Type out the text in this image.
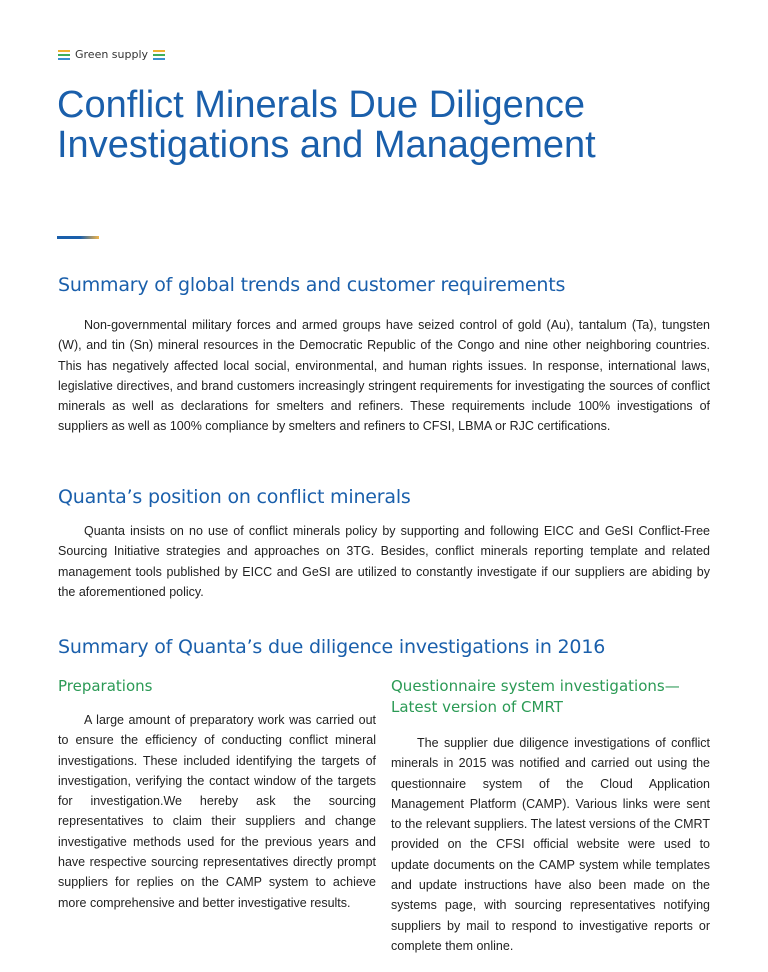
Green supply
Conflict Minerals Due Diligence Investigations and Management
Summary of global trends and customer requirements

Non-governmental military forces and armed groups have seized control of gold (Au), tantalum (Ta), tungsten (W), and tin (Sn) mineral resources in the Democratic Republic of the Congo and nine other neighboring countries. This has negatively affected local social, environmental, and human rights issues. In response, international laws, legislative directives, and brand customers increasingly stringent requirements for investigating the sources of conflict minerals as well as declarations for smelters and refiners. These requirements include 100% investigations of suppliers as well as 100% compliance by smelters and refiners to CFSI, LBMA or RJC certifications.

Quanta’s position on conflict minerals

Quanta insists on no use of conflict minerals policy by supporting and following EICC and GeSI Conflict-Free Sourcing Initiative strategies and approaches on 3TG. Besides, conflict minerals reporting template and related management tools published by EICC and GeSI are utilized to constantly investigate if our suppliers are abiding by the aforementioned policy.

Summary of Quanta’s due diligence investigations in 2016
Preparations

A large amount of preparatory work was carried out to ensure the efficiency of conducting conflict mineral investigations. These included identifying the targets of investigation, verifying the contact window of the targets for investigation.We hereby ask the sourcing representatives to claim their suppliers and change investigative methods used for the previous years and have respective sourcing representatives directly prompt suppliers for replies on the CAMP system to achieve more comprehensive and better investigative results.

Questionnaire system investigations— Latest version of CMRT

The supplier due diligence investigations of conflict minerals in 2015 was notified and carried out using the questionnaire system of the Cloud Application Management Platform (CAMP). Various links were sent to the relevant suppliers. The latest versions of the CMRT provided on the CFSI official website were used to update documents on the CAMP system while templates and update instructions have also been made on the systems page, with sourcing representatives notifying suppliers by mail to respond to investigative reports or complete them online.
